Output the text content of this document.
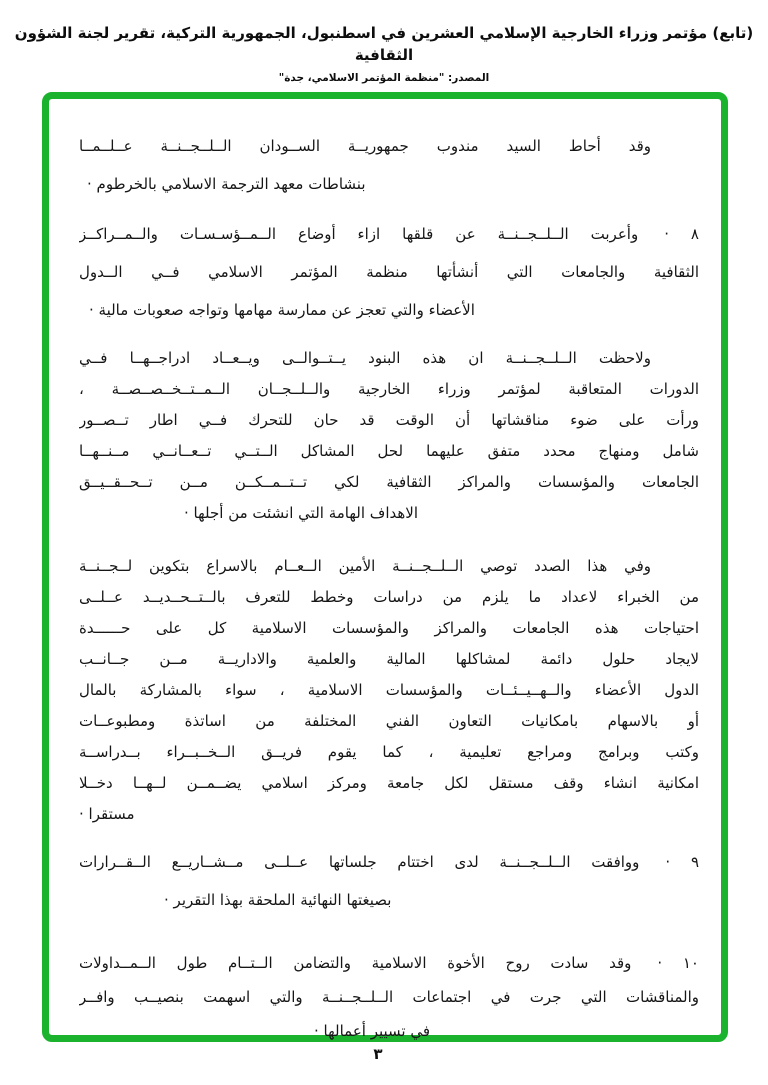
(تابع) مؤتمر وزراء الخارجية الإسلامي العشرين في اسطنبول، الجمهورية التركية، تقرير لجنة الشؤون الثقافية
المصدر: "منظمة المؤتمر الاسلامي، جدة"
وقد أحاط السيد مندوب جمهوريــة الســودان الــلــجــنــة عــلــمــا
بنشاطات معهد الترجمة الاسلامي بالخرطوم ·
٨ ·وأعربت الــلــجــنــة عن قلقها ازاء أوضاع الــمــؤسـسـات والــمــراكــز
الثقافية والجامعات التي أنشأتها منظمة المؤتمر الاسلامي فــي الــدول
الأعضاء والتي تعجز عن ممارسة مهامها وتواجه صعوبات مالية ·
ولاحظت الــلــجــنــة ان هذه البنود يــتــوالــى ويــعــاد ادراجــهــا فــي
الدورات المتعاقبة لمؤتمر وزراء الخارجية والــلــجــان الــمــتــخــصــصــة ،
ورأت على ضوء مناقشاتها أن الوقت قد حان للتحرك فــي اطار تــصــور
شامل ومنهاج محدد متفق عليهما لحل المشاكل الــتــي تــعــانــي مــنــهــا
الجامعات والمؤسسات والمراكز الثقافية لكي تــتــمــكــن مــن تــحــقــيــق
الاهداف الهامة التي انشئت من أجلها ·
وفي هذا الصدد توصي الــلــجــنــة الأمين الــعــام بالاسراع بتكوين لــجــنــة
من الخبراء لاعداد ما يلزم من دراسات وخطط للتعرف بالــتــحــديــد عــلــى
احتياجات هذه الجامعات والمراكز والمؤسسات الاسلامية كل على حــــــدة
لايجاد حلول دائمة لمشاكلها المالية والعلمية والاداريــة مــن جــانــب
الدول الأعضاء والــهــيــئــات والمؤسسات الاسلامية ، سواء بالمشاركة بالمال
أو بالاسهام بامكانيات التعاون الفني المختلفة من اساتذة ومطبوعــات
وكتب وبرامج ومراجع تعليمية ، كما يقوم فريــق الــخــبــراء بــدراســة
امكانية انشاء وقف مستقل لكل جامعة ومركز اسلامي يضــمــن لــهــا دخــلا
مستقرا ·
٩ ·ووافقت الــلــجــنــة لدى اختتام جلساتها عــلــى مــشــاريــع الــقــرارات
بصيغتها النهائية الملحقة بهذا التقرير ·
١٠ ·وقد سادت روح الأخوة الاسلامية والتضامن الــتــام طول الــمــداولات
والمناقشات التي جرت في اجتماعات الــلــجــنــة والتي اسهمت بنصيــب وافــر
في تسيير أعمالها ·
٣
